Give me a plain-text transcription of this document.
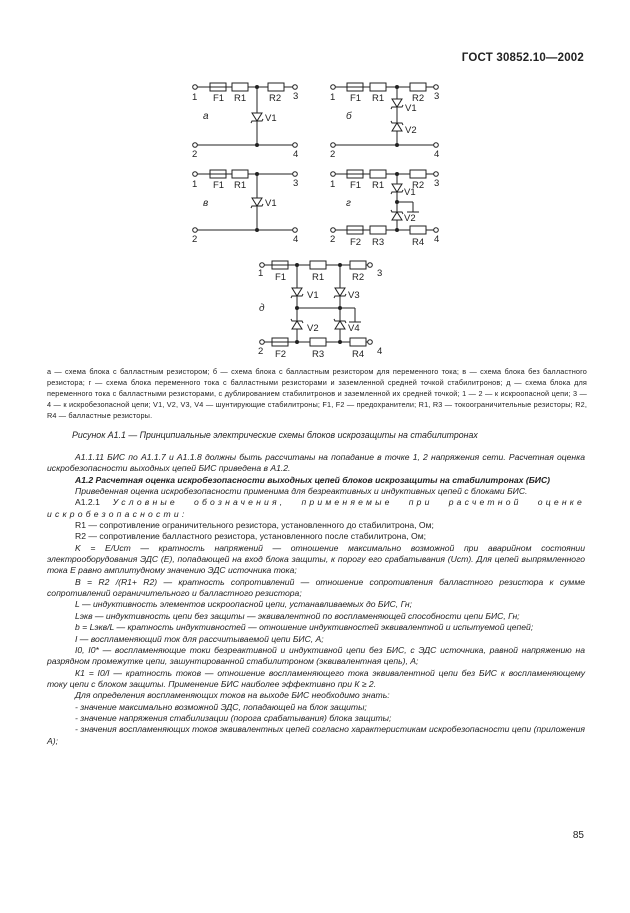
ГОСТ 30852.10—2002
1 F1 R1 R2 3
V1
а
2	4
1 F1 R1	R2 3
V1
V2
б
2	4
1 F1 R1	3
V1
в
2	4
1 F1 R1	R2 3
V1
V2
г
2 F2 R3	R4 4
1 F1	R1	R2 3
V1	V3
V2	V4
д
2 F2	R3	R4 4
а — схема блока с балластным резистором; б — схема блока с балластным резистором для переменного тока; в — схема блока без балластного резистора; г — схема блока переменного тока с балластными резисторами и заземленной средней точкой стабилитронов; д — схема блока для переменного тока с балластными резисторами, с дублированием стабилитронов и заземленной их средней точкой; 1 — 2 — к искроопасной цепи; 3 — 4 — к искробезопасной цепи; V1, V2, V3, V4 — шунтирующие стабилитроны; F1, F2 — предохранители; R1, R3 — токоограничительные резисторы; R2, R4 — балластные резисторы.
Рисунок А1.1 — Принципиальные электрические схемы блоков искрозащиты на стабилитронах

А1.1.11 БИС по А1.1.7 и А1.1.8 должны быть рассчитаны на попадание в точке 1, 2 напряжения сети. Расчетная оценка искробезопасности выходных цепей БИС приведена в А1.2.

А1.2 Расчетная оценка искробезопасности выходных цепей блоков искрозащиты на стабилитронах (БИС)

Приведенная оценка искробезопасности применима для безреактивных и индуктивных цепей с блоками БИС.

А1.2.1 Условные обозначения, применяемые при расчетной оценке искробезопасности:

R1 — сопротивление ограничительного резистора, установленного до стабилитрона, Ом;

R2 — сопротивление балластного резистора, установленного после стабилитрона, Ом;

K = E/Uст — кратность напряжений — отношение максимально возможной при аварийном состоянии электрооборудования ЭДС (Е), попадающей на вход блока защиты, к порогу его срабатывания (Uст). Для цепей выпрямленного тока Е равно амплитудному значению ЭДС источника тока;

B = R2 /(R1+ R2) — кратность сопротивлений — отношение сопротивления балластного резистора к сумме сопротивлений ограничительного и балластного резистора;

L — индуктивность элементов искроопасной цепи, устанавливаемых до БИС, Гн;

Lэкв — индуктивность цепи без защиты — эквивалентной по воспламеняющей способности цепи БИС, Гн;

b = Lэкв/L — кратность индуктивностей — отношение индуктивностей эквивалентной и испытуемой цепей;

I — воспламеняющий ток для рассчитываемой цепи БИС, А;

I0, I0* — воспламеняющие токи безреактивной и индуктивной цепи без БИС, с ЭДС источника, равной напряжению на разрядном промежутке цепи, зашунтированной стабилитроном (эквивалентная цепь), А;

К1 = I0/I — кратность токов — отношение воспламеняющего тока эквивалентной цепи без БИС к воспламеняющему току цепи с блоком защиты. Применение БИС наиболее эффективно при К ≥ 2.

Для определения воспламеняющих токов на выходе БИС необходимо знать:

- значение максимально возможной ЭДС, попадающей на блок защиты;

- значение напряжения стабилизации (порога срабатывания) блока защиты;

- значения воспламеняющих токов эквивалентных цепей согласно характеристикам искробезопасности цепи (приложения А);

85
